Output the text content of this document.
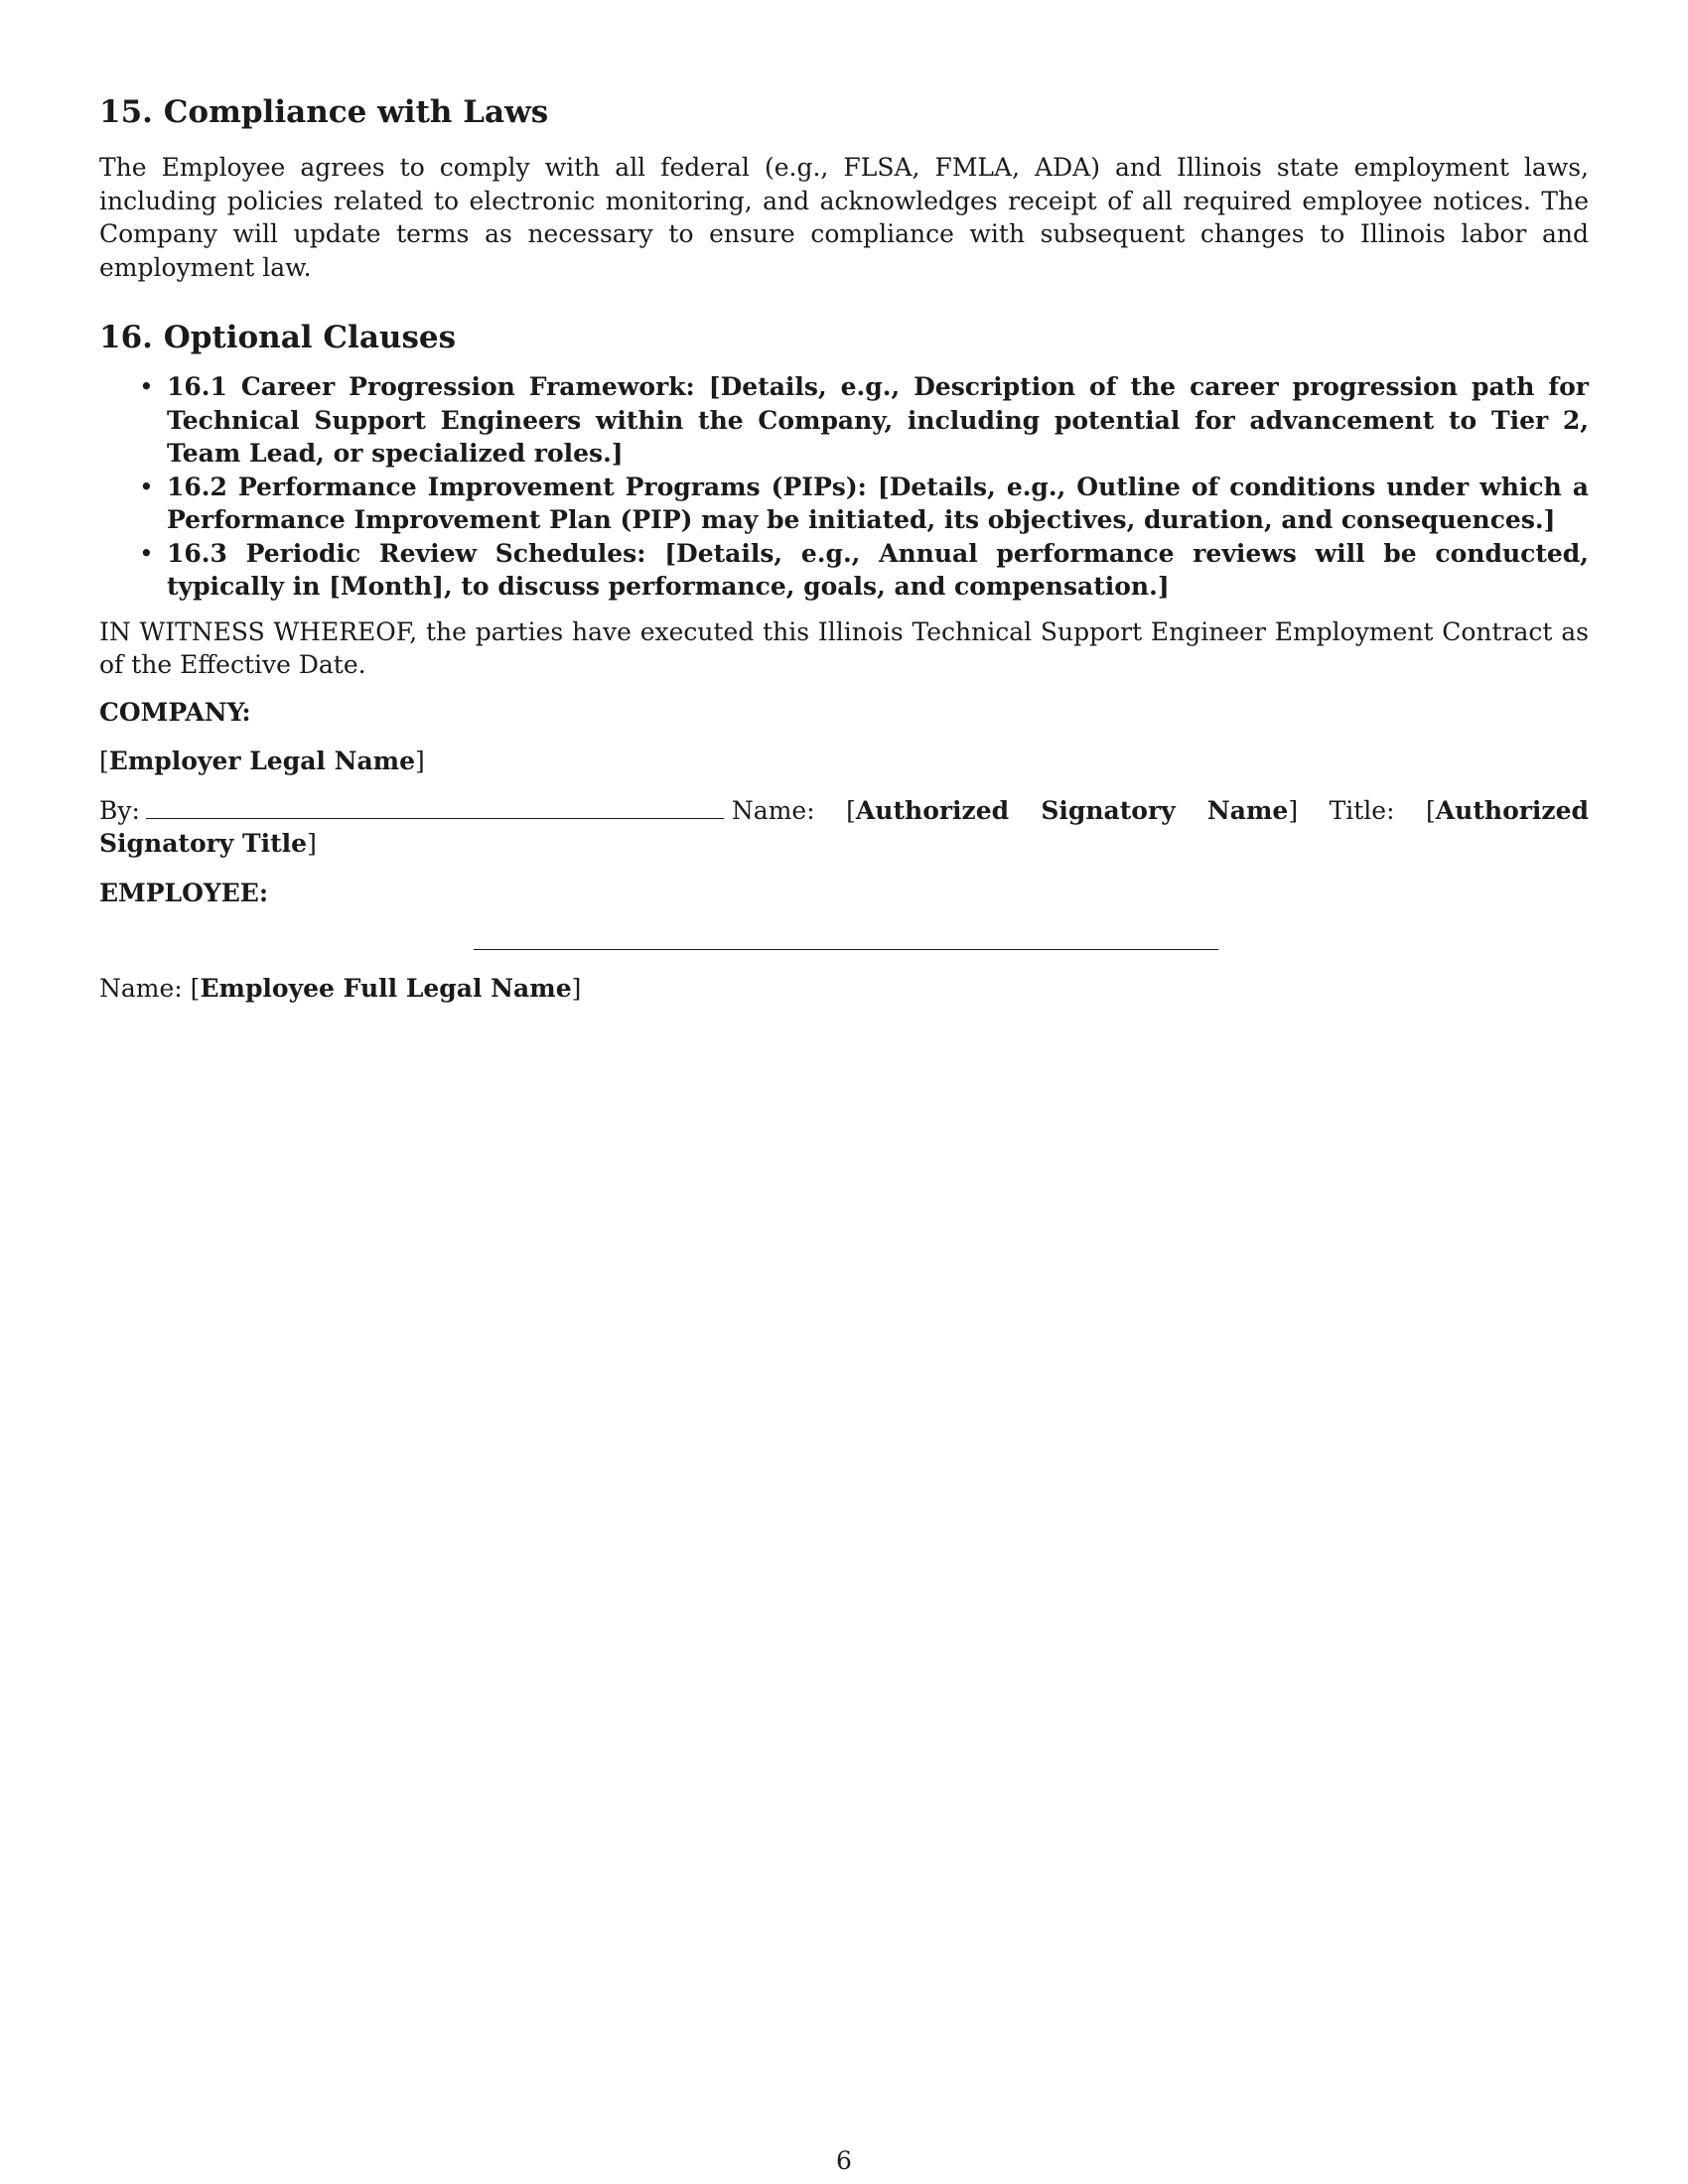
15. Compliance with Laws

The Employee agrees to comply with all federal (e.g., FLSA, FMLA, ADA) and Illinois state employment laws, including policies related to electronic monitoring, and acknowledges receipt of all required employee notices. The Company will update terms as necessary to ensure compliance with subsequent changes to Illinois labor and employment law.

16. Optional Clauses
• 16.1 Career Progression Framework: [Details, e.g., Description of the career progression path for Technical Support Engineers within the Company, including potential for advancement to Tier 2, Team Lead, or specialized roles.]
• 16.2 Performance Improvement Programs (PIPs): [Details, e.g., Outline of conditions under which a Performance Improvement Plan (PIP) may be initiated, its objectives, duration, and consequences.]
• 16.3 Periodic Review Schedules: [Details, e.g., Annual performance reviews will be conducted, typically in [Month], to discuss performance, goals, and compensation.]

IN WITNESS WHEREOF, the parties have executed this Illinois Technical Support Engineer Employment Contract as of the Effective Date.

COMPANY:
[Employer Legal Name]
By:	Name: [Authorized Signatory Name] Title: [Authorized Signatory Title]
EMPLOYEE:
Name: [Employee Full Legal Name]
6
